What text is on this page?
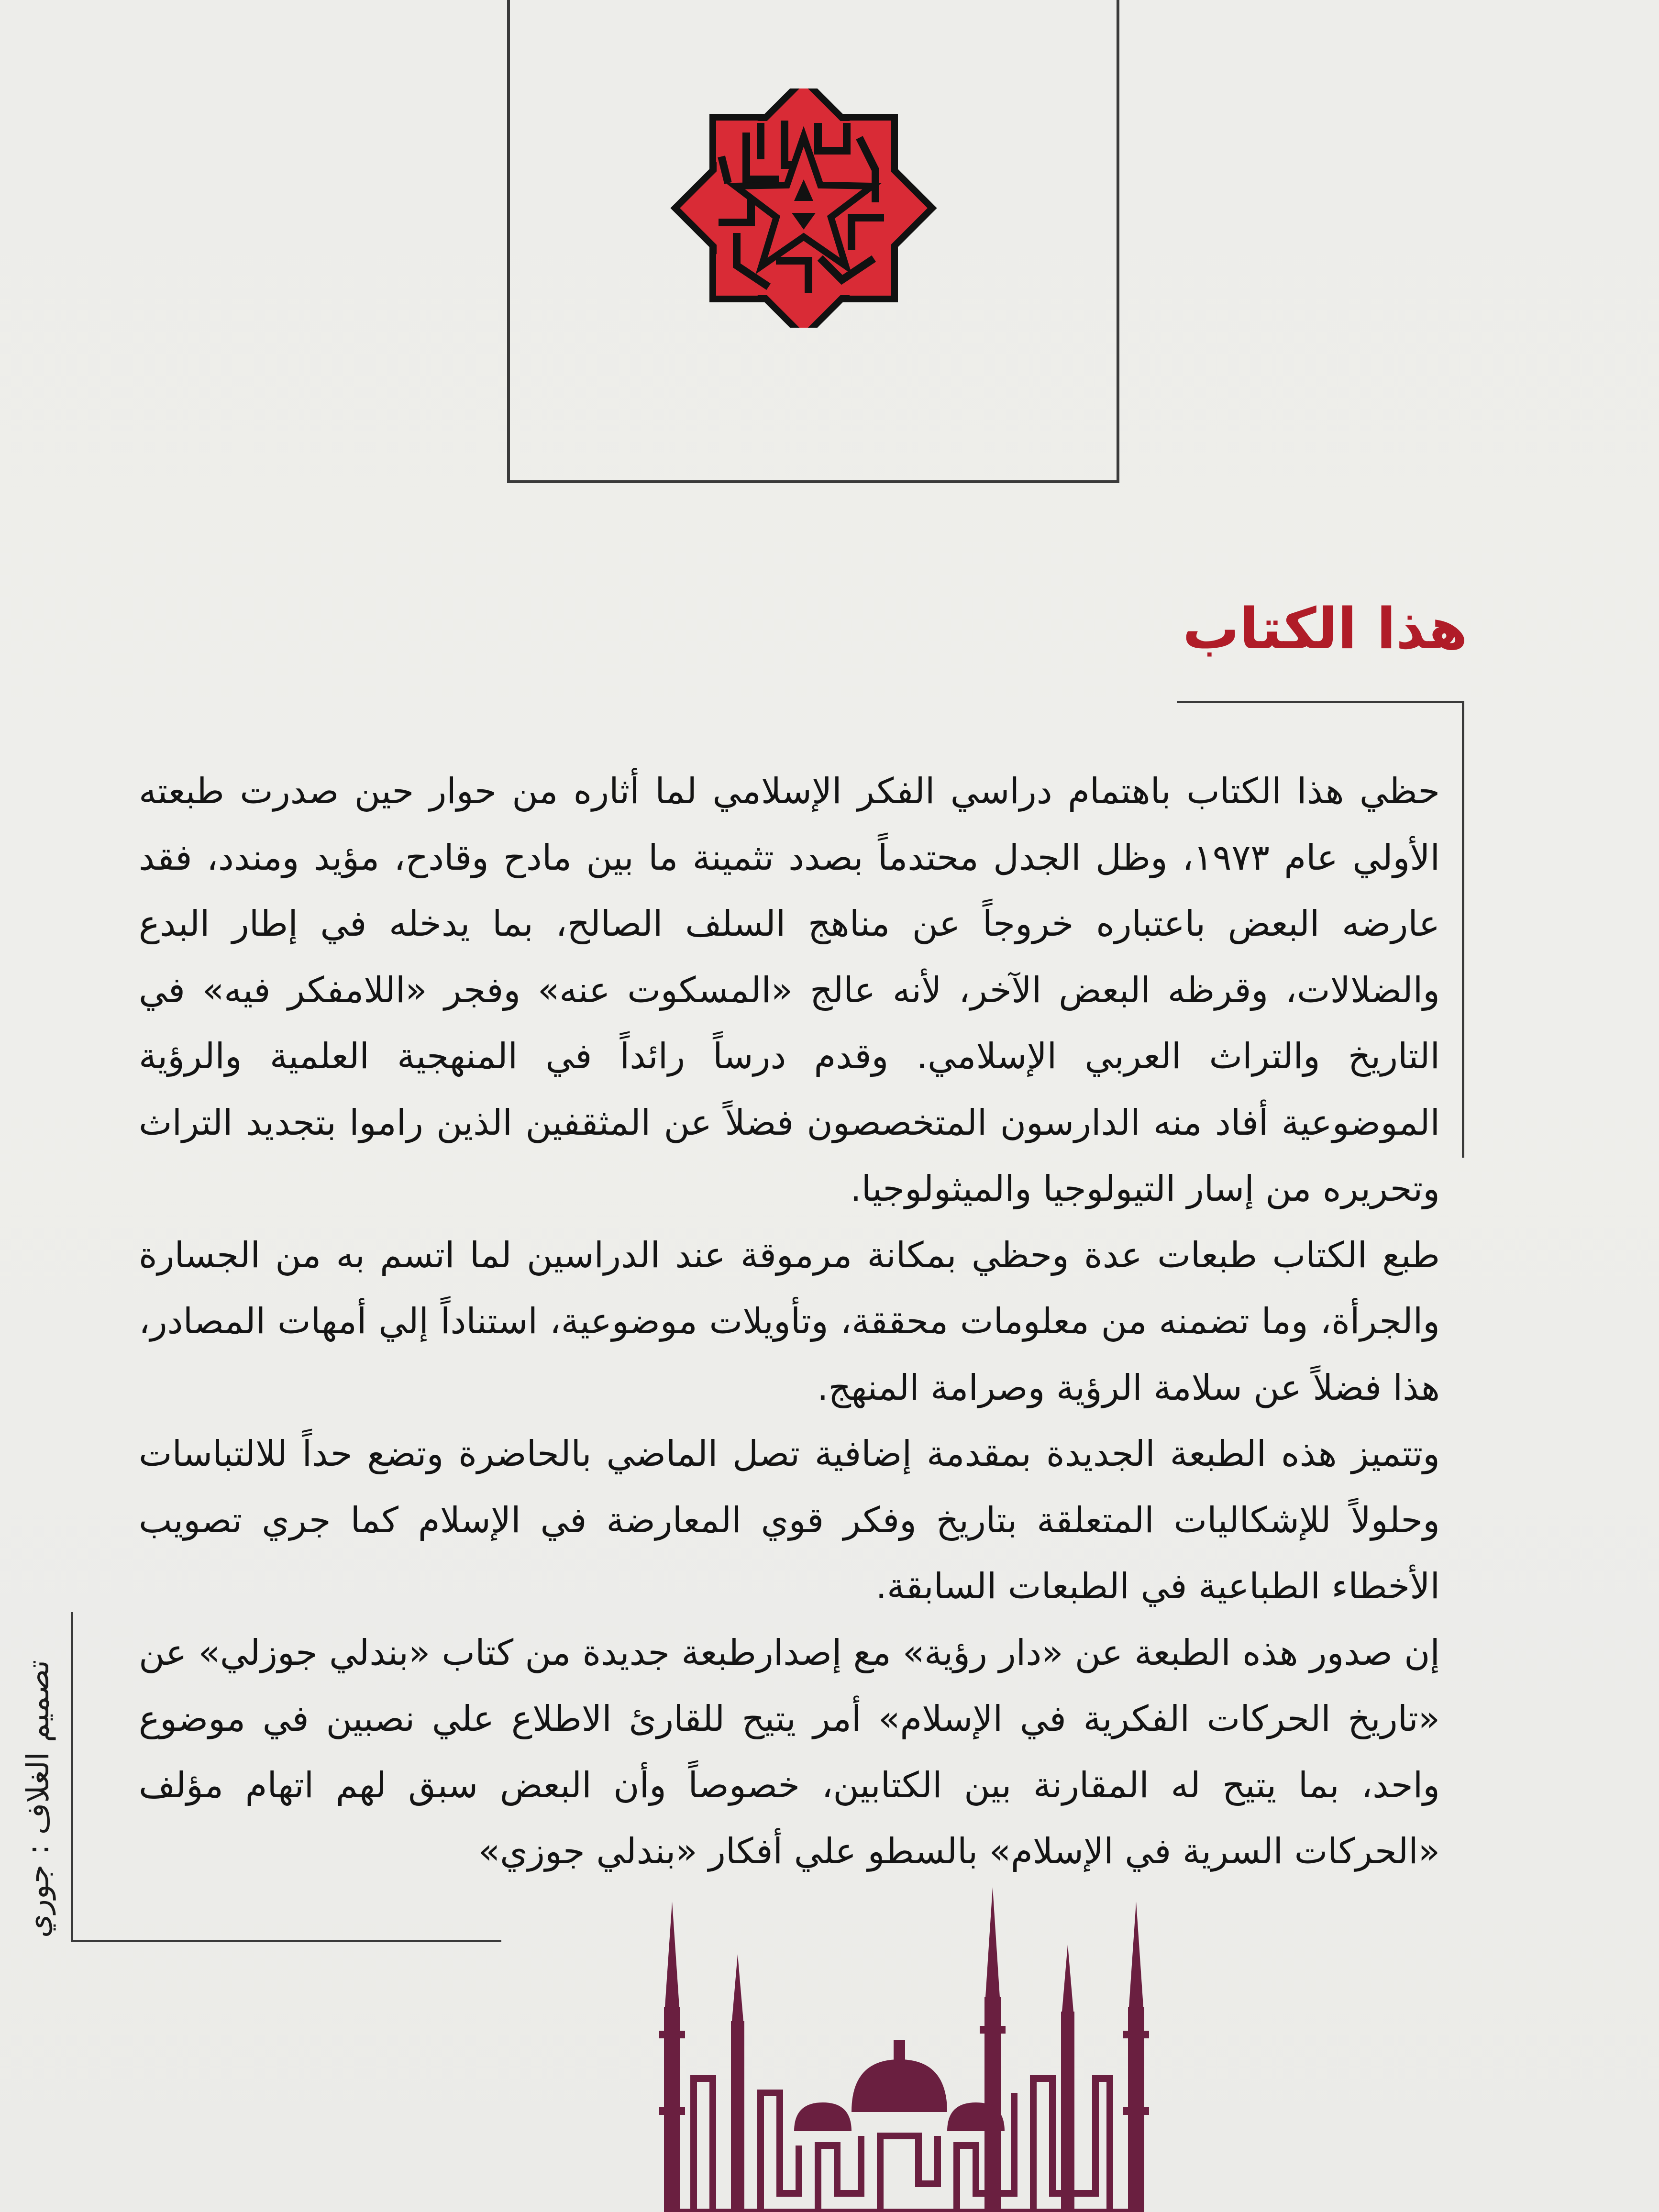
هذا الكتاب

حظي هذا الكتاب باهتمام دراسي الفكر الإسلامي لما أثاره من حوار حين صدرت طبعته الأولي عام ١٩٧٣، وظل الجدل محتدماً بصدد تثمينة ما بين مادح وقادح، مؤيد ومندد، فقد عارضه البعض باعتباره خروجاً عن مناهج السلف الصالح، بما يدخله في إطار البدع والضلالات، وقرظه البعض الآخر، لأنه عالج «المسكوت عنه» وفجر «اللامفكر فيه» في التاريخ والتراث العربي الإسلامي. وقدم درساً رائداً في المنهجية العلمية والرؤية الموضوعية أفاد منه الدارسون المتخصصون فضلاً عن المثقفين الذين راموا بتجديد التراث وتحريره من إسار التيولوجيا والميثولوجيا.

طبع الكتاب طبعات عدة وحظي بمكانة مرموقة عند الدراسين لما اتسم به من الجسارة والجرأة، وما تضمنه من معلومات محققة، وتأويلات موضوعية، استناداً إلي أمهات المصادر، هذا فضلاً عن سلامة الرؤية وصرامة المنهج.

وتتميز هذه الطبعة الجديدة بمقدمة إضافية تصل الماضي بالحاضرة وتضع حداً للالتباسات وحلولاً للإشكاليات المتعلقة بتاريخ وفكر قوي المعارضة في الإسلام كما جري تصويب الأخطاء الطباعية في الطبعات السابقة.

إن صدور هذه الطبعة عن «دار رؤية» مع إصدارطبعة جديدة من كتاب «بندلي جوزلي» عن «تاريخ الحركات الفكرية في الإسلام» أمر يتيح للقارئ الاطلاع علي نصبين في موضوع واحد، بما يتيح له المقارنة بين الكتابين، خصوصاً وأن البعض سبق لهم اتهام مؤلف «الحركات السرية في الإسلام» بالسطو علي أفكار «بندلي جوزي»

تصميم الغلاف : جوري
